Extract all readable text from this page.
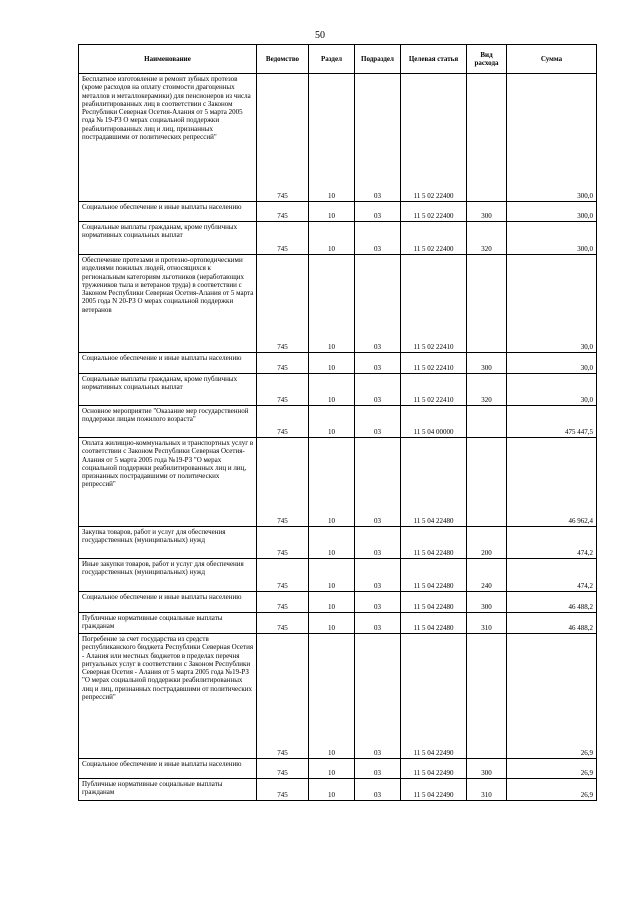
50
Наименование	Ведомство	Раздел	Подраздел	Целевая статья	Вид расхода	Сумма
Бесплатное изготовление и ремонт зубных протезов (кроме расходов на оплату стоимости драгоценных металлов и металлокерамики) для пенсионеров из числа реабилитированных лиц в соответствии с Законом Республики Северная Осетия-Алания от 5 марта 2005 года № 19-РЗ О мерах социальной поддержки реабилитированных лиц и лиц, признанных пострадавшими от политических репрессий"	745	10	03	11 5 02 22400		300,0
Социальное обеспечение и иные выплаты населению	745	10	03	11 5 02 22400	300	300,0
Социальные выплаты гражданам, кроме публичных нормативных социальных выплат	745	10	03	11 5 02 22400	320	300,0
Обеспечение протезами и протезно-ортопедическими изделиями пожилых людей, относящихся к региональным категориям льготников (неработающих тружеников тыла и ветеранов труда) в соответствии с Законом Республики Северная Осетия-Алания от 5 марта 2005 года N 20-РЗ О мерах социальной поддержки ветеранов	745	10	03	11 5 02 22410		30,0
Социальное обеспечение и иные выплаты населению	745	10	03	11 5 02 22410	300	30,0
Социальные выплаты гражданам, кроме публичных нормативных социальных выплат	745	10	03	11 5 02 22410	320	30,0
Основное мероприятие "Оказание мер государственной поддержки лицам пожилого возраста"	745	10	03	11 5 04 00000		475 447,5
Оплата жилищно-коммунальных и транспортных услуг в соответствии с Законом Республики Северная Осетия-Алания от 5 марта 2005 года №19-РЗ "О мерах социальной поддержки реабилитированных лиц и лиц, признанных пострадавшими от политических репрессий"	745	10	03	11 5 04 22480		46 962,4
Закупка товаров, работ и услуг для обеспечения государственных (муниципальных) нужд	745	10	03	11 5 04 22480	200	474,2
Иные закупки товаров, работ и услуг для обеспечения государственных (муниципальных) нужд	745	10	03	11 5 04 22480	240	474,2
Социальное обеспечение и иные выплаты населению	745	10	03	11 5 04 22480	300	46 488,2
Публичные нормативные социальные выплаты гражданам	745	10	03	11 5 04 22480	310	46 488,2
Погребение за счет государства из средств республиканского бюджета Республики Северная Осетия - Алания или местных бюджетов в пределах перечня ритуальных услуг в соответствии с Законом Республики Северная Осетия - Алания от 5 марта 2005 года №19-РЗ "О мерах социальной поддержки реабилитированных лиц и лиц, признанных пострадавшими от политических репрессий"	745	10	03	11 5 04 22490		26,9
Социальное обеспечение и иные выплаты населению	745	10	03	11 5 04 22490	300	26,9
Публичные нормативные социальные выплаты гражданам	745	10	03	11 5 04 22490	310	26,9
